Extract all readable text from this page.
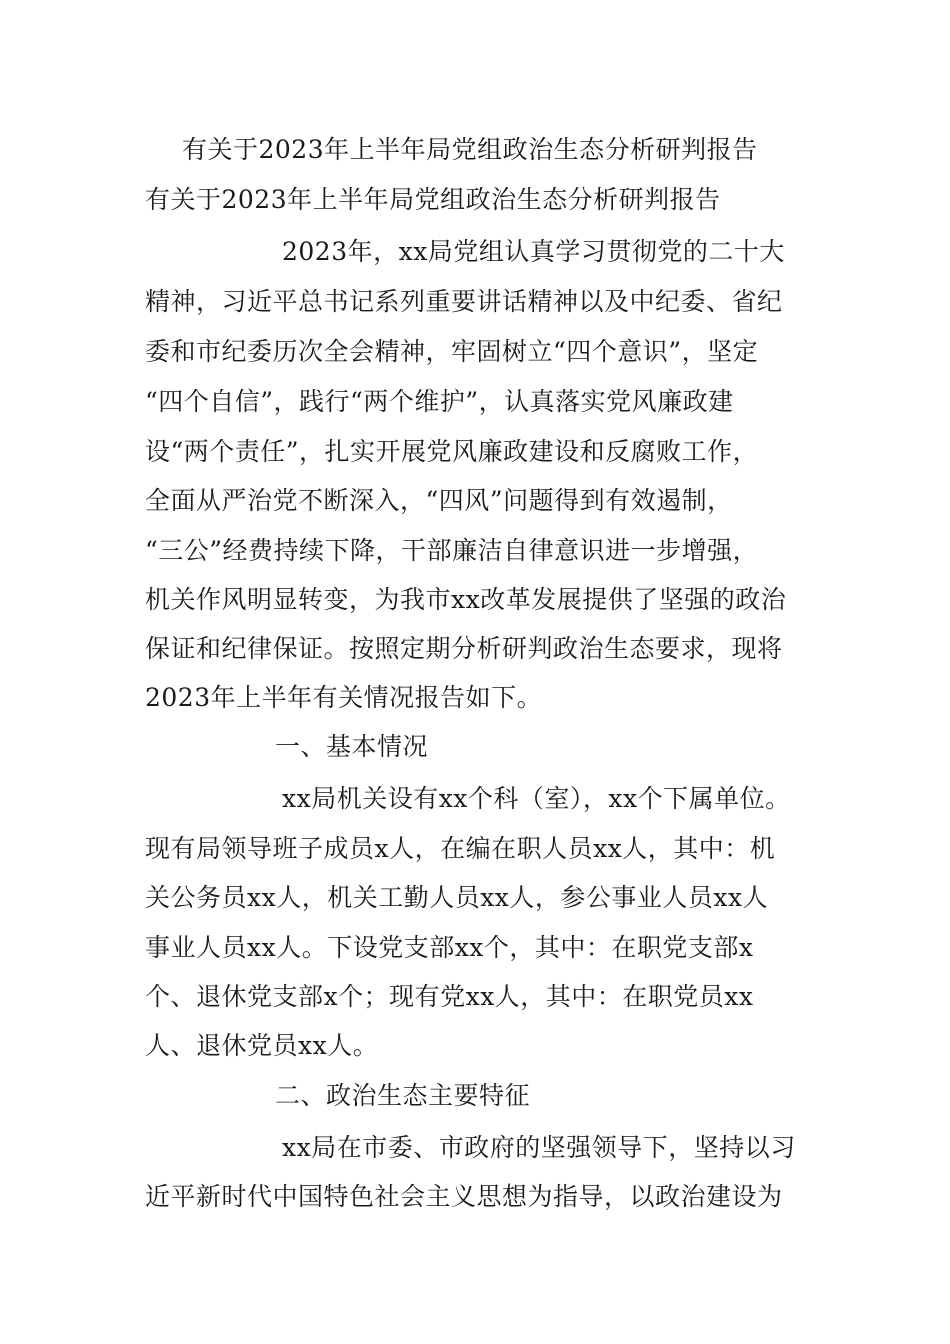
有关于2023年上半年局党组政治生态分析研判报告
有关于2023年上半年局党组政治生态分析研判报告
2023年，xx局党组认真学习贯彻党的二十大
精神，习近平总书记系列重要讲话精神以及中纪委、省纪
委和市纪委历次全会精神，牢固树立“四个意识”，坚定
“四个自信”，践行“两个维护”，认真落实党风廉政建
设“两个责任”，扎实开展党风廉政建设和反腐败工作，
全面从严治党不断深入，“四风”问题得到有效遏制，
“三公”经费持续下降，干部廉洁自律意识进一步增强，
机关作风明显转变，为我市xx改革发展提供了坚强的政治
保证和纪律保证。按照定期分析研判政治生态要求，现将
2023年上半年有关情况报告如下。
一、基本情况
xx局机关设有xx个科（室），xx个下属单位。
现有局领导班子成员x人，在编在职人员xx人，其中：机
关公务员xx人，机关工勤人员xx人，参公事业人员xx人
事业人员xx人。下设党支部xx个，其中：在职党支部x
个、退休党支部x个；现有党xx人，其中：在职党员xx
人、退休党员xx人。
二、政治生态主要特征
xx局在市委、市政府的坚强领导下，坚持以习
近平新时代中国特色社会主义思想为指导，以政治建设为
